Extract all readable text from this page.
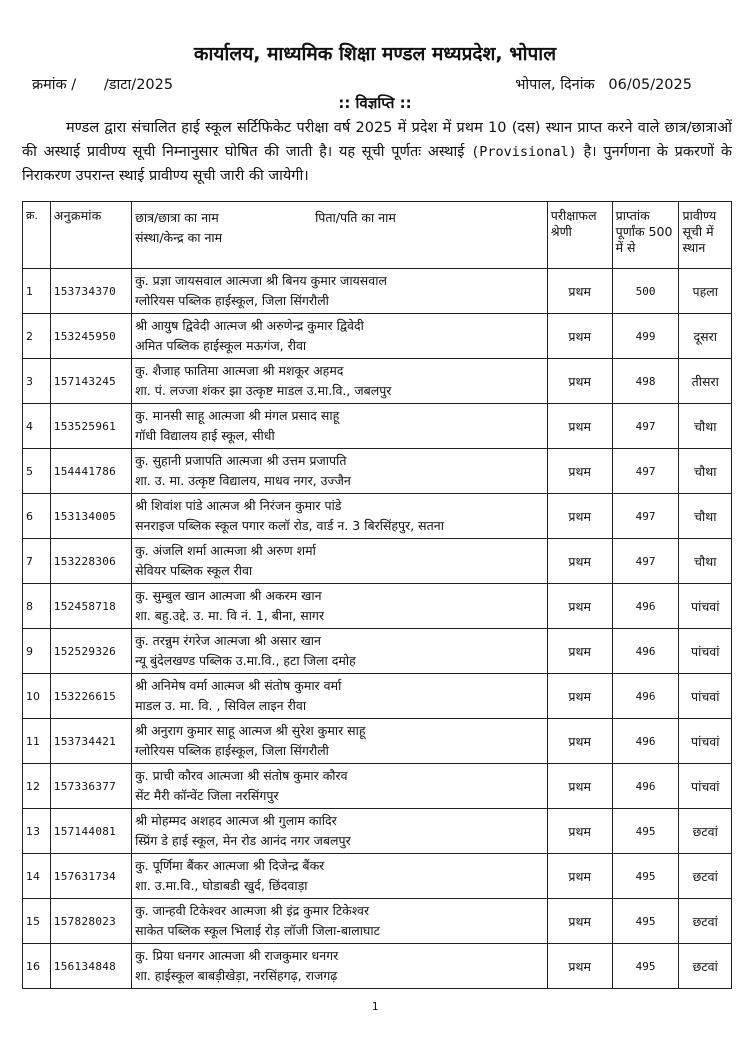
कार्यालय, माध्यमिक शिक्षा मण्डल मध्यप्रदेश, भोपाल
क्रमांक /      /डाटा/2025	भोपाल, दिनांक   06/05/2025
:: विज्ञप्ति ::
मण्डल द्वारा संचालित हाई स्कूल सर्टिफिकेट परीक्षा वर्ष 2025 में प्रदेश में प्रथम 10 (दस) स्थान प्राप्त करने वाले छात्र/छात्राओं की अस्थाई प्रावीण्य सूची निम्नानुसार घोषित की जाती है। यह सूची पूर्णतः अस्थाई (Provisional) है। पुनर्गणना के प्रकरणों के निराकरण उपरान्त स्थाई प्रावीण्य सूची जारी की जायेगी।
क्र.	अनुक्रमांक	छात्र/छात्रा का नाम पिता/पति का नाम
संस्था/केन्द्र का नाम	परीक्षाफल श्रेणी	प्राप्तांक पूर्णांक 500 में से	प्रावीण्य सूची में स्थान
1	153734370	कु. प्रज्ञा जायसवाल आत्मजा श्री बिनय कुमार जायसवाल
ग्लोरियस पब्लिक हाईस्कूल, जिला सिंगरौली	प्रथम	500	पहला
2	153245950	श्री आयुष द्विवेदी आत्मज श्री अरुणेन्द्र कुमार द्विवेदी
अमित पब्लिक हाईस्कूल मऊगंज, रीवा	प्रथम	499	दूसरा
3	157143245	कु. शैजाह फातिमा आत्मजा श्री मशकूर अहमद
शा. पं. लज्जा शंकर झा उत्कृष्ट माडल उ.मा.वि., जबलपुर	प्रथम	498	तीसरा
4	153525961	कु. मानसी साहू आत्मजा श्री मंगल प्रसाद साहू
गॉधी विद्यालय हाई स्कूल, सीधी	प्रथम	497	चौथा
5	154441786	कु. सुहानी प्रजापति आत्मजा श्री उत्तम प्रजापति
शा. उ. मा. उत्कृष्ट विद्यालय, माधव नगर, उज्जैन	प्रथम	497	चौथा
6	153134005	श्री शिवांश पांडे आत्मज श्री निरंजन कुमार पांडे
सनराइज पब्लिक स्कूल पगार कलॉ रोड, वार्ड न. 3 बिरसिंहपुर, सतना	प्रथम	497	चौथा
7	153228306	कु. अंजलि शर्मा आत्मजा श्री अरुण शर्मा
सेवियर पब्लिक स्कूल रीवा	प्रथम	497	चौथा
8	152458718	कु. सुम्बुल खान आत्मजा श्री अकरम खान
शा. बहु.उद्दे. उ. मा. वि नं. 1, बीना, सागर	प्रथम	496	पांचवां
9	152529326	कु. तरन्नुम रंगरेज आत्मजा श्री असार खान
न्यू बुंदेलखण्ड पब्लिक उ.मा.वि., हटा जिला दमोह	प्रथम	496	पांचवां
10	153226615	श्री अनिमेष वर्मा आत्मज श्री संतोष कुमार वर्मा
माडल उ. मा. वि. , सिविल लाइन रीवा	प्रथम	496	पांचवां
11	153734421	श्री अनुराग कुमार साहू आत्मज श्री सुरेश कुमार साहू
ग्लोरियस पब्लिक हाईस्कूल, जिला सिंगरौली	प्रथम	496	पांचवां
12	157336377	कु. प्राची कौरव आत्मजा श्री संतोष कुमार कौरव
सेंट मैरी कॉन्वेंट जिला नरसिंगपुर	प्रथम	496	पांचवां
13	157144081	श्री मोहम्मद अशहद आत्मज श्री गुलाम कादिर
स्प्रिंग डे हाई स्कूल, मेन रोड आनंद नगर जबलपुर	प्रथम	495	छटवां
14	157631734	कु. पूर्णिमा बैंकर आत्मजा श्री दिजेन्द्र बैंकर
शा. उ.मा.वि., घोडाबडी खुर्द, छिंदवाड़ा	प्रथम	495	छटवां
15	157828023	कु. जान्हवी टिकेश्वर आत्मजा श्री इंद्र कुमार टिकेश्वर
साकेत पब्लिक स्कूल भिलाई रोड़ लॉजी जिला-बालाघाट	प्रथम	495	छटवां
16	156134848	कु. प्रिया धनगर आत्मजा श्री राजकुमार धनगर
शा. हाईस्कूल बाबड़ीखेड़ा, नरसिंहगढ़, राजगढ़	प्रथम	495	छटवां
1
